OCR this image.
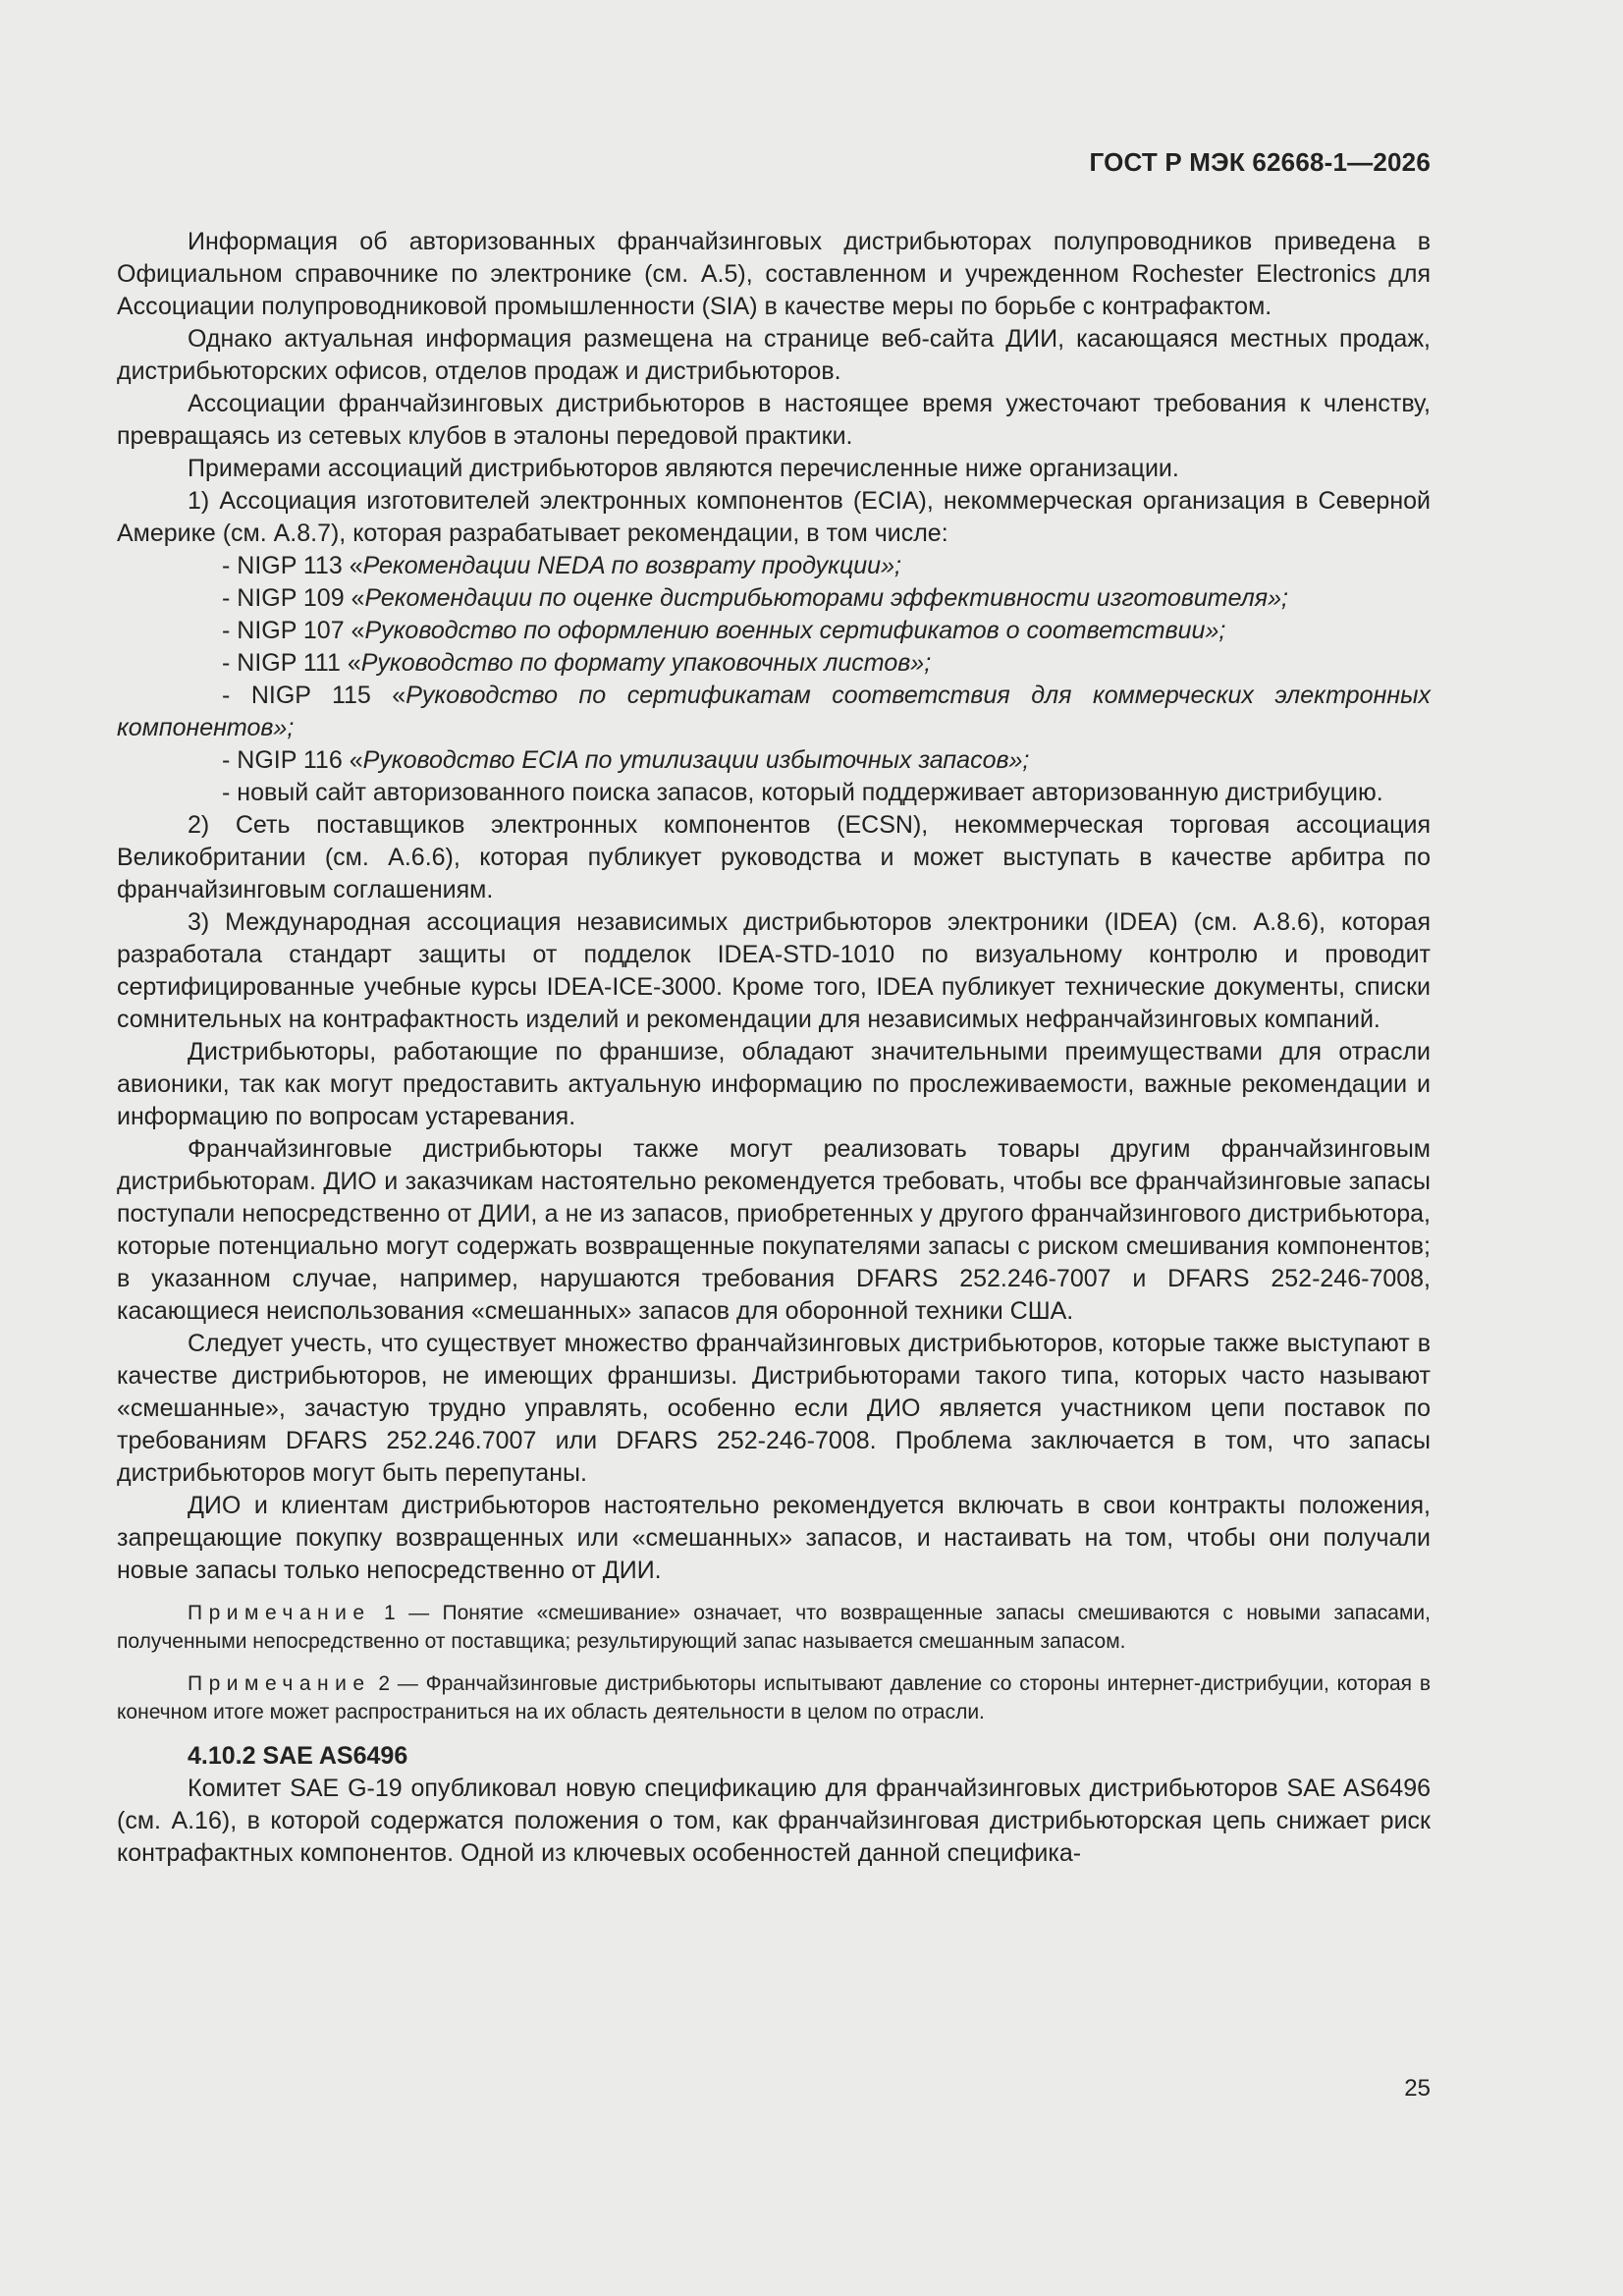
ГОСТ Р МЭК 62668-1—2026

Информация об авторизованных франчайзинговых дистрибьюторах полупроводников приведена в Официальном справочнике по электронике (см. А.5), составленном и учрежденном Rochester Electronics для Ассоциации полупроводниковой промышленности (SIA) в качестве меры по борьбе с контрафактом.

Однако актуальная информация размещена на странице веб-сайта ДИИ, касающаяся местных продаж, дистрибьюторских офисов, отделов продаж и дистрибьюторов.

Ассоциации франчайзинговых дистрибьюторов в настоящее время ужесточают требования к членству, превращаясь из сетевых клубов в эталоны передовой практики.

Примерами ассоциаций дистрибьюторов являются перечисленные ниже организации.

1) Ассоциация изготовителей электронных компонентов (ECIA), некоммерческая организация в Северной Америке (см. А.8.7), которая разрабатывает рекомендации, в том числе:

- NIGP 113 «Рекомендации NEDA по возврату продукции»;

- NIGP 109 «Рекомендации по оценке дистрибьюторами эффективности изготовителя»;

- NIGP 107 «Руководство по оформлению военных сертификатов о соответствии»;

- NIGP 111 «Руководство по формату упаковочных листов»;

- NIGP 115 «Руководство по сертификатам соответствия для коммерческих электронных компонентов»;

- NGIP 116 «Руководство ECIA по утилизации избыточных запасов»;

- новый сайт авторизованного поиска запасов, который поддерживает авторизованную дистрибуцию.

2) Сеть поставщиков электронных компонентов (ECSN), некоммерческая торговая ассоциация Великобритании (см. А.6.6), которая публикует руководства и может выступать в качестве арбитра по франчайзинговым соглашениям.

3) Международная ассоциация независимых дистрибьюторов электроники (IDEA) (см. А.8.6), которая разработала стандарт защиты от подделок IDEA-STD-1010 по визуальному контролю и проводит сертифицированные учебные курсы IDEA-ICE-3000. Кроме того, IDEA публикует технические документы, списки сомнительных на контрафактность изделий и рекомендации для независимых нефранчайзинговых компаний.

Дистрибьюторы, работающие по франшизе, обладают значительными преимуществами для отрасли авионики, так как могут предоставить актуальную информацию по прослеживаемости, важные рекомендации и информацию по вопросам устаревания.

Франчайзинговые дистрибьюторы также могут реализовать товары другим франчайзинговым дистрибьюторам. ДИО и заказчикам настоятельно рекомендуется требовать, чтобы все франчайзинговые запасы поступали непосредственно от ДИИ, а не из запасов, приобретенных у другого франчайзингового дистрибьютора, которые потенциально могут содержать возвращенные покупателями запасы с риском смешивания компонентов; в указанном случае, например, нарушаются требования DFARS 252.246-7007 и DFARS 252-246-7008, касающиеся неиспользования «смешанных» запасов для оборонной техники США.

Следует учесть, что существует множество франчайзинговых дистрибьюторов, которые также выступают в качестве дистрибьюторов, не имеющих франшизы. Дистрибьюторами такого типа, которых часто называют «смешанные», зачастую трудно управлять, особенно если ДИО является участником цепи поставок по требованиям DFARS 252.246.7007 или DFARS 252-246-7008. Проблема заключается в том, что запасы дистрибьюторов могут быть перепутаны.

ДИО и клиентам дистрибьюторов настоятельно рекомендуется включать в свои контракты положения, запрещающие покупку возвращенных или «смешанных» запасов, и настаивать на том, чтобы они получали новые запасы только непосредственно от ДИИ.

Примечание 1 — Понятие «смешивание» означает, что возвращенные запасы смешиваются с новыми запасами, полученными непосредственно от поставщика; результирующий запас называется смешанным запасом.

Примечание 2 — Франчайзинговые дистрибьюторы испытывают давление со стороны интернет-дистрибуции, которая в конечном итоге может распространиться на их область деятельности в целом по отрасли.

4.10.2 SAE AS6496

Комитет SAE G-19 опубликовал новую спецификацию для франчайзинговых дистрибьюторов SAE AS6496 (см. А.16), в которой содержатся положения о том, как франчайзинговая дистрибьюторская цепь снижает риск контрафактных компонентов. Одной из ключевых особенностей данной специфика-

25
